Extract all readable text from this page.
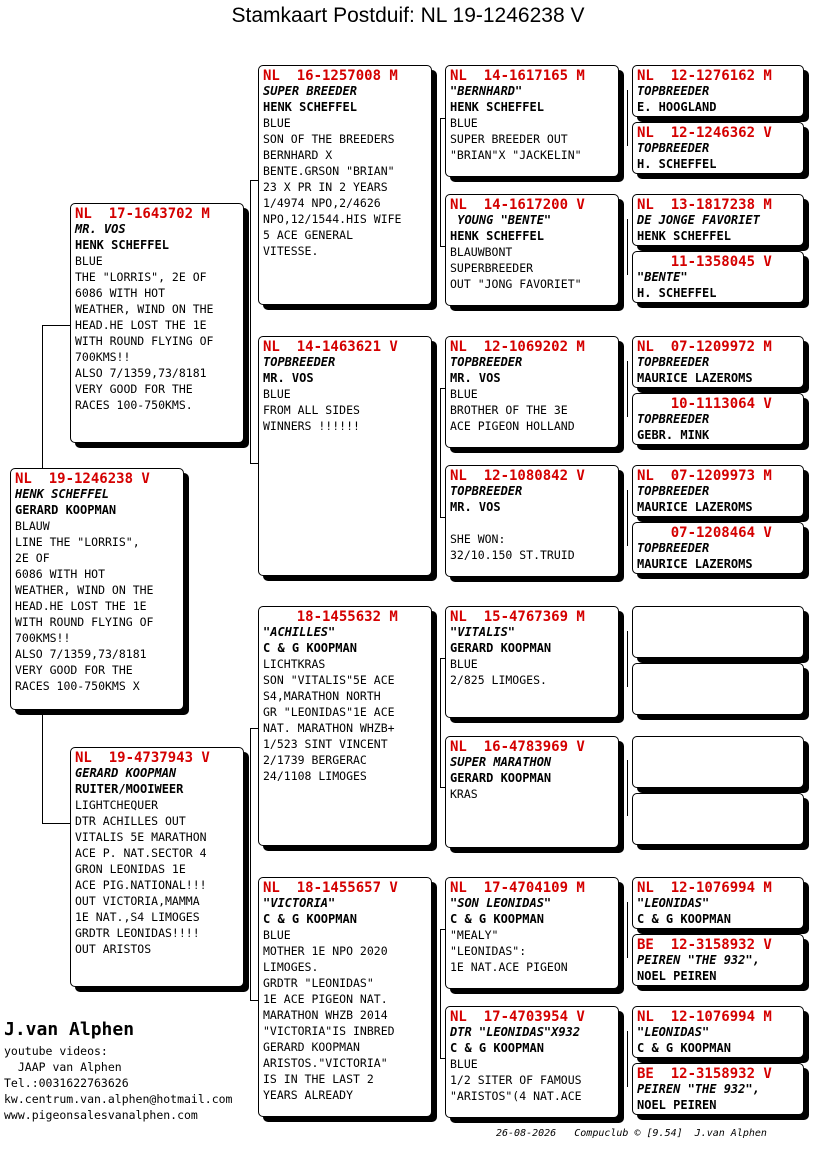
Stamkaart Postduif: NL 19-1246238 V
NL  19-1246238 V
HENK SCHEFFEL
GERARD KOOPMAN
BLAUW
LINE THE "LORRIS",
2E OF
6086 WITH HOT
WEATHER, WIND ON THE
HEAD.HE LOST THE 1E
WITH ROUND FLYING OF
700KMS!!
ALSO 7/1359,73/8181
VERY GOOD FOR THE
RACES 100-750KMS X
NL  17-1643702 M
MR. VOS
HENK SCHEFFEL
BLUE
THE "LORRIS", 2E OF
6086 WITH HOT
WEATHER, WIND ON THE
HEAD.HE LOST THE 1E
WITH ROUND FLYING OF
700KMS!!
ALSO 7/1359,73/8181
VERY GOOD FOR THE
RACES 100-750KMS.
NL  19-4737943 V
GERARD KOOPMAN
RUITER/MOOIWEER
LIGHTCHEQUER
DTR ACHILLES OUT
VITALIS 5E MARATHON
ACE P. NAT.SECTOR 4
GRON LEONIDAS 1E
ACE PIG.NATIONAL!!!
OUT VICTORIA,MAMMA
1E NAT.,S4 LIMOGES
GRDTR LEONIDAS!!!!
OUT ARISTOS
NL  16-1257008 M
SUPER BREEDER
HENK SCHEFFEL
BLUE
SON OF THE BREEDERS
BERNHARD X
BENTE.GRSON "BRIAN"
23 X PR IN 2 YEARS
1/4974 NPO,2/4626
NPO,12/1544.HIS WIFE
5 ACE GENERAL
VITESSE.
NL  14-1463621 V
TOPBREEDER
MR. VOS
BLUE
FROM ALL SIDES
WINNERS !!!!!!
18-1455632 M
"ACHILLES"
C & G KOOPMAN
LICHTKRAS
SON "VITALIS"5E ACE
S4,MARATHON NORTH
GR "LEONIDAS"1E ACE
NAT. MARATHON WHZB+
1/523 SINT VINCENT
2/1739 BERGERAC
24/1108 LIMOGES
NL  18-1455657 V
"VICTORIA"
C & G KOOPMAN
BLUE
MOTHER 1E NPO 2020
LIMOGES.
GRDTR "LEONIDAS"
1E ACE PIGEON NAT.
MARATHON WHZB 2014
"VICTORIA"IS INBRED
GERARD KOOPMAN
ARISTOS."VICTORIA"
IS IN THE LAST 2
YEARS ALREADY
NL  14-1617165 M
"BERNHARD"
HENK SCHEFFEL
BLUE
SUPER BREEDER OUT
"BRIAN"X "JACKELIN"
NL  14-1617200 V
YOUNG "BENTE"
HENK SCHEFFEL
BLAUWBONT
SUPERBREEDER
OUT "JONG FAVORIET"
NL  12-1069202 M
TOPBREEDER
MR. VOS
BLUE
BROTHER OF THE 3E
ACE PIGEON HOLLAND
NL  12-1080842 V
TOPBREEDER
MR. VOS

SHE WON:
32/10.150 ST.TRUID
NL  15-4767369 M
"VITALIS"
GERARD KOOPMAN
BLUE
2/825 LIMOGES.
NL  16-4783969 V
SUPER MARATHON
GERARD KOOPMAN
KRAS
NL  17-4704109 M
"SON LEONIDAS"
C & G KOOPMAN
"MEALY"
"LEONIDAS":
1E NAT.ACE PIGEON
NL  17-4703954 V
DTR "LEONIDAS"X932
C & G KOOPMAN
BLUE
1/2 SITER OF FAMOUS
"ARISTOS"(4 NAT.ACE
NL  12-1276162 M
TOPBREEDER
E. HOOGLAND
NL  12-1246362 V
TOPBREEDER
H. SCHEFFEL
NL  13-1817238 M
DE JONGE FAVORIET
HENK SCHEFFEL
11-1358045 V
"BENTE"
H. SCHEFFEL
NL  07-1209972 M
TOPBREEDER
MAURICE LAZEROMS
10-1113064 V
TOPBREEDER
GEBR. MINK
NL  07-1209973 M
TOPBREEDER
MAURICE LAZEROMS
07-1208464 V
TOPBREEDER
MAURICE LAZEROMS
NL  12-1076994 M
"LEONIDAS"
C & G KOOPMAN
BE  12-3158932 V
PEIREN "THE 932",
NOEL PEIREN
NL  12-1076994 M
"LEONIDAS"
C & G KOOPMAN
BE  12-3158932 V
PEIREN "THE 932",
NOEL PEIREN
J.van Alphen
youtube videos:
JAAP van Alphen
Tel.:0031622763626
kw.centrum.van.alphen@hotmail.com
www.pigeonsalesvanalphen.com
26-08-2026   Compuclub © [9.54]  J.van Alphen
